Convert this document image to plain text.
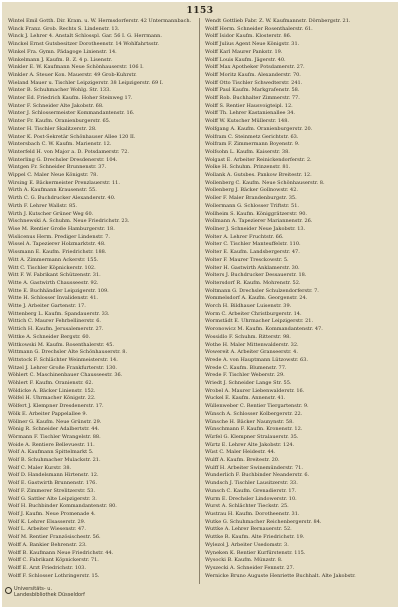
1153
Wintel Emil Gotth. Dir. Kram. u. W. Hermsdorferstr. 42 Untermannbach.
Winck Franz. Grob. Rechts S. Lindenstr. 13.
Winck J. Lehrer 4. Anstalt Schlosspl. Gar. 56 I. G. Herrmann.
Winckel Ernst Gutsbesitzer Dorotheenstr. 14 Wohlfahrtsstr.
Winkel Fra. Gymn. Pädagoge Linienstr. 14.
Winkelmann J. Kaufm. B. Z. 4 p. Lisenstr.
Winkler E. W. Kaufmann Neue Schönhauserstr. 106 I.
Winkler A. Steuer Kon. Mauerstr. 49 Grob-Kuhrstr.
Wieland Mauer u. Tischler Leipzigerstr. 38 Leipzigerstr. 69 I.
Winter B. Schuhmacher Wohlg. Str. 133.
Winter Ed. Friedrich Kaufm. Hoher Steinweg 17.
Winter F. Schneider Alte Jakobstr. 68.
Winter J. Schlossermeister Kommandantenstr. 16.
Winter Fr. Kaufm. Oranienburgerstr. 65.
Winter H. Tischler Skalitzerstr. 28.
Winter K. Post-Sekretär Schönhauser Allee 120 II.
Wintersbach C. W. Kaufm. Marienstr. 12.
Winterfeld H. von Major a. D. Potsdamerstr. 72.
Winterling G. Drechsler Dresdenerstr. 104.
Wintgen Fr. Schneider Brunnenstr. 37.
Wippel C. Maler Neue Königstr. 78.
Wirsing E. Bäckermeister Prenzlauerstr. 11.
Wirth A. Kaufmann Krausenstr. 55.
Wirth C. G. Buchdrucker Alexanderstr. 40.
Wirth F. Lehrer Wallstr. 85.
Wirth J. Kutscher Grüner Weg 60.
Wischnewski A. Schuhm. Neue Friedrichstr. 23.
Wise M. Rentier Große Hamburgerstr. 18.
Wislicenus Herm. Prediger Lindenstr. 7.
Wissel A. Tapezierer Holzmarktstr. 48.
Wissmann E. Kaufm. Friedrichstr. 188.
Witt A. Zimmermann Ackerstr. 155.
Witt C. Tischler Köpnickerstr. 102.
Witt F. W. Fabrikant Schützenstr. 31.
Witte A. Gastwirth Chausseestr. 92.
Witte E. Buchhändler Leipzigerstr. 109.
Witte H. Schlosser Invalidenstr. 41.
Witte J. Arbeiter Gartenstr. 17.
Wittenberg L. Kaufm. Spandauerstr. 33.
Wittich C. Maurer Fehrbellinerstr. 6.
Wittich H. Kaufm. Jerusalemerstr. 27.
Wittke A. Schneider Bergstr. 60.
Wittkowski M. Kaufm. Rosenthalerstr. 45.
Wittmann G. Drechsler Alte Schönhauserstr. 8.
Wittstock F. Schlächter Weinmeisterstr. 14.
Witzel J. Lehrer Große Frankfurterstr. 130.
Wöhlert C. Maschinenbauer Chausseestr. 36.
Wöhlert F. Kaufm. Oranienstr. 62.
Wöldicke A. Bäcker Linienstr. 152.
Wölfel H. Uhrmacher Königstr. 22.
Wölfert J. Klempner Dresdenerstr. 17.
Wölk E. Arbeiter Pappelallee 9.
Wöllner G. Kaufm. Neue Grünstr. 29.
Wönig R. Schneider Adalbertstr. 44.
Wörmann F. Tischler Wrangelstr. 88.
Woide A. Rentiere Bellevuestr. 11.
Wolf A. Kaufmann Spittelmarkt 5.
Wolf B. Schuhmacher Mulackstr. 21.
Wolf C. Maler Kurstr. 38.
Wolf D. Handelsmann Hirtenstr. 12.
Wolf E. Gastwirth Brunnenstr. 176.
Wolf F. Zimmerer Strelitzerstr. 53.
Wolf G. Sattler Alte Leipzigerstr. 3.
Wolf H. Buchbinder Kommandantenstr. 80.
Wolf J. Kaufm. Neue Promenade 4.
Wolf K. Lehrer Elsasserstr. 29.
Wolf L. Arbeiter Wiesenstr. 47.
Wolf M. Rentier Französischestr. 56.
Wolff A. Bankier Behrenstr. 23.
Wolff B. Kaufmann Neue Friedrichstr. 44.
Wolff C. Fabrikant Köpnickerstr. 71.
Wolff E. Arzt Friedrichstr. 103.
Wolff F. Schlosser Lothringerstr. 15.
Wendt Gottlieb Fabr. Z. W. Kaufmannstr. Dörnbergstr. 21.
Wolff Herm. Schneider Rosenthalerstr. 61.
Wolff Isidor Kaufm. Klosterstr. 86.
Wolff Julius Agent Neue Königstr. 31.
Wolff Karl Maurer Pankstr. 19.
Wolff Louis Kaufm. Jägerstr. 40.
Wolff Max Apotheker Potsdamerstr. 27.
Wolff Moritz Kaufm. Alexanderstr. 70.
Wolff Otto Tischler Schwedterstr. 241.
Wolff Paul Kaufm. Markgrafenstr. 58.
Wolff Rob. Buchhalter Zimmerstr. 77.
Wolff S. Rentier Hausvoigteipl. 12.
Wolff Th. Lehrer Kastanienallee 34.
Wolff W. Kutscher Müllerstr. 148.
Wolfgang A. Kaufm. Oranienburgerstr. 20.
Wolfram C. Steinmetz Gerichtstr. 63.
Wolfram F. Zimmermann Boyenstr. 9.
Wolfsohn L. Kaufm. Kaiserstr. 38.
Wolgast E. Arbeiter Reinickendorferstr. 2.
Wolke H. Schuhm. Prinzenstr. 81.
Wollank A. Gutsbes. Pankow Breitestr. 12.
Wollenberg C. Kaufm. Neue Schönhauserstr. 8.
Wollenberg J. Bäcker Gollnowstr. 42.
Woller F. Maler Brandenburgstr. 35.
Wollermann G. Schlosser Triftstr. 51.
Wollheim S. Kaufm. Königgrätzerstr. 90.
Wollmann A. Tapezierer Mariannenstr. 26.
Wollner J. Schneider Neue Jakobstr. 13.
Wolter A. Lehrer Fruchtstr. 66.
Wolter C. Tischler Manteuffelstr. 110.
Wolter E. Kaufm. Landsbergerstr. 47.
Wolter F. Maurer Tresckowstr. 5.
Wolter H. Gastwirth Anklamerstr. 30.
Wolters J. Buchdrucker Dessauerstr. 18.
Woltersdorf R. Kaufm. Mohrenstr. 52.
Woltmann G. Drechsler Schulzendorferstr. 7.
Wommelsdorf A. Kaufm. Georgenstr. 24.
Worch H. Bildhauer Luisenstr. 39.
Worm C. Arbeiter Christburgerstr. 14.
Wormstädt E. Uhrmacher Leipzigerstr. 21.
Woronowicz M. Kaufm. Kommandantenstr. 47.
Wossidlo F. Schuhm. Ritterstr. 98.
Wothe H. Maler Mittenwalderstr. 32.
Wowereit A. Arbeiter Granseerstr. 4.
Wrede A. von Hauptmann Lützowstr. 63.
Wrede C. Kaufm. Blumenstr. 77.
Wrede F. Tischler Weberstr. 29.
Wriedt J. Schneider Lange Str. 55.
Wrobel A. Maurer Liebenwalderstr. 16.
Wuckel E. Kaufm. Annenstr. 41.
Wüllenweber C. Rentier Tiergartenstr. 9.
Wünsch A. Schlosser Kolbergerstr. 22.
Wünsche H. Bäcker Naunynstr. 58.
Wünschmann F. Kaufm. Kronenstr. 12.
Würfel G. Klempner Stralauerstr. 35.
Würtz E. Lehrer Alte Jakobstr. 124.
Wüst C. Maler Heidestr. 44.
Wulff A. Kaufm. Breitestr. 20.
Wulff H. Arbeiter Swinemünderstr. 71.
Wunderlich F. Buchbinder Neanderstr. 6.
Wundsch J. Tischler Lausitzerstr. 33.
Wunsch C. Kaufm. Grenadierstr. 17.
Wurm E. Drechsler Lindowerstr. 10.
Wurst A. Schlächter Tieckstr. 25.
Wustrau H. Kaufm. Dorotheenstr. 31.
Wutke G. Schuhmacher Reichenbergerstr. 84.
Wuttke A. Lehrer Bernauerstr. 52.
Wuttke R. Kaufm. Alte Friedrichstr. 19.
Wylezol J. Arbeiter Usedomstr. 3.
Wyneken K. Rentier Kurfürstenstr. 115.
Wysocki B. Kaufm. Münzstr. 8.
Wyszecki A. Schneider Fennstr. 27.
Wernicke Bruno Auguste Henriette Buchhalt. Alte Jakobstr.
Universitäts- u.
Landesbibliothek Düsseldorf
